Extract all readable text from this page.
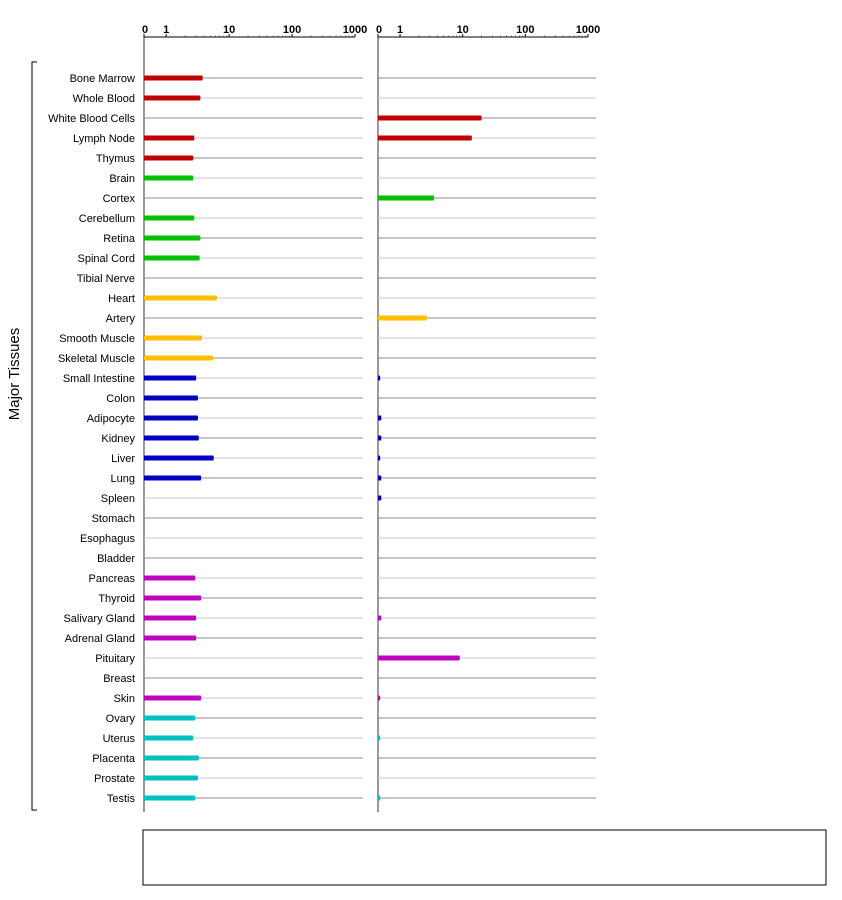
Bone Marrow
Whole Blood
White Blood Cells
Lymph Node
Thymus
Brain
Cortex
Cerebellum
Retina
Spinal Cord
Tibial Nerve
Heart
Artery
Smooth Muscle
Skeletal Muscle
Small Intestine
Colon
Adipocyte
Kidney
Liver
Lung
Spleen
Stomach
Esophagus
Bladder
Pancreas
Thyroid
Salivary Gland
Adrenal Gland
Pituitary
Breast
Skin
Ovary
Uterus
Placenta
Prostate
Testis
0 1	10	100	1000 0 1	10	100	1000
Major Tissues
